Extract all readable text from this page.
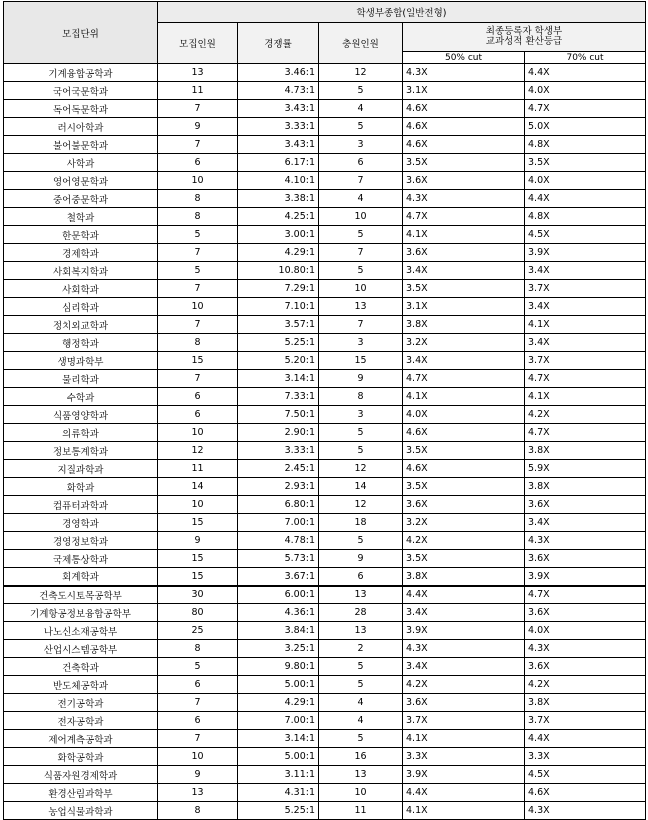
모집단위	학생부종합(일반전형)				
	모집인원	경쟁률	충원인원	최종등록자 학생부
교과성적 환산등급	

				50% cut	70% cut
기계융합공학과	13	3.46:1	12	4.3X	4.4X
국어국문학과	11	4.73:1	5	3.1X	4.0X
독어독문학과	7	3.43:1	4	4.6X	4.7X
러시아학과	9	3.33:1	5	4.6X	5.0X
불어불문학과	7	3.43:1	3	4.6X	4.8X
사학과	6	6.17:1	6	3.5X	3.5X
영어영문학과	10	4.10:1	7	3.6X	4.0X
중어중문학과	8	3.38:1	4	4.3X	4.4X
철학과	8	4.25:1	10	4.7X	4.8X
한문학과	5	3.00:1	5	4.1X	4.5X
경제학과	7	4.29:1	7	3.6X	3.9X
사회복지학과	5	10.80:1	5	3.4X	3.4X
사회학과	7	7.29:1	10	3.5X	3.7X
심리학과	10	7.10:1	13	3.1X	3.4X
정치외교학과	7	3.57:1	7	3.8X	4.1X
행정학과	8	5.25:1	3	3.2X	3.4X
생명과학부	15	5.20:1	15	3.4X	3.7X
물리학과	7	3.14:1	9	4.7X	4.7X
수학과	6	7.33:1	8	4.1X	4.1X
식품영양학과	6	7.50:1	3	4.0X	4.2X
의류학과	10	2.90:1	5	4.6X	4.7X
정보통계학과	12	3.33:1	5	3.5X	3.8X
지질과학과	11	2.45:1	12	4.6X	5.9X
화학과	14	2.93:1	14	3.5X	3.8X
컴퓨터과학과	10	6.80:1	12	3.6X	3.6X
경영학과	15	7.00:1	18	3.2X	3.4X
경영정보학과	9	4.78:1	5	4.2X	4.3X
국제통상학과	15	5.73:1	9	3.5X	3.6X
회계학과	15	3.67:1	6	3.8X	3.9X
건축도시토목공학부	30	6.00:1	13	4.4X	4.7X
기계항공정보융합공학부	80	4.36:1	28	3.4X	3.6X
나노신소재공학부	25	3.84:1	13	3.9X	4.0X
산업시스템공학부	8	3.25:1	2	4.3X	4.3X
건축학과	5	9.80:1	5	3.4X	3.6X
반도체공학과	6	5.00:1	5	4.2X	4.2X
전기공학과	7	4.29:1	4	3.6X	3.8X
전자공학과	6	7.00:1	4	3.7X	3.7X
제어계측공학과	7	3.14:1	5	4.1X	4.4X
화학공학과	10	5.00:1	16	3.3X	3.3X
식품자원경제학과	9	3.11:1	13	3.9X	4.5X
환경산림과학부	13	4.31:1	10	4.4X	4.6X
농업식물과학과	8	5.25:1	11	4.1X	4.3X
